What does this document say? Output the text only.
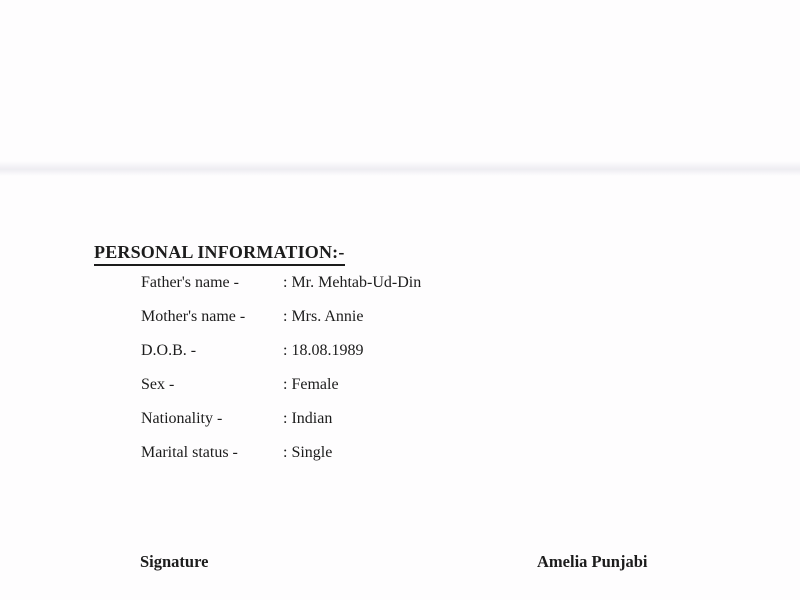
PERSONAL INFORMATION:-
Father's name -	: Mr. Mehtab-Ud-Din
Mother's name -	: Mrs. Annie
D.O.B. -	: 18.08.1989
Sex -	: Female
Nationality -	: Indian
Marital status -	: Single
Signature	Amelia Punjabi
